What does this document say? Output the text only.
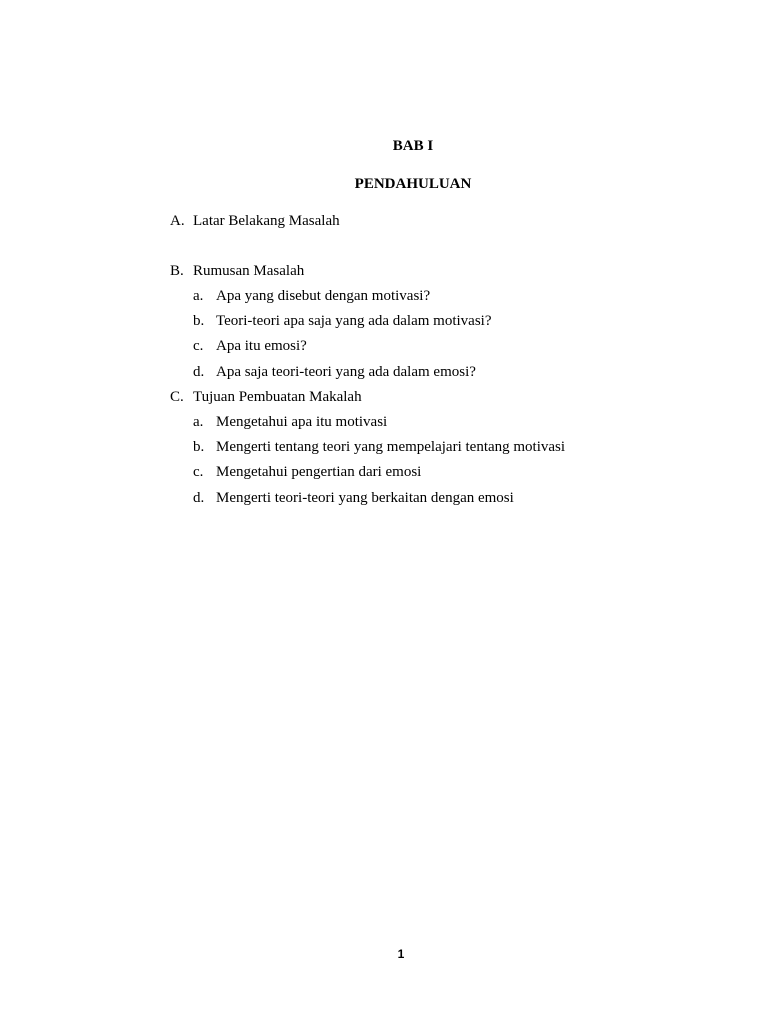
BAB I
PENDAHULUAN
A. Latar Belakang Masalah
B. Rumusan Masalah
a. Apa yang disebut dengan motivasi?
b. Teori-teori apa saja yang ada dalam motivasi?
c. Apa itu emosi?
d. Apa saja teori-teori yang ada dalam emosi?
C. Tujuan Pembuatan Makalah
a. Mengetahui apa itu motivasi
b. Mengerti tentang teori yang mempelajari tentang motivasi
c. Mengetahui pengertian dari emosi
d. Mengerti teori-teori yang berkaitan dengan emosi
1
